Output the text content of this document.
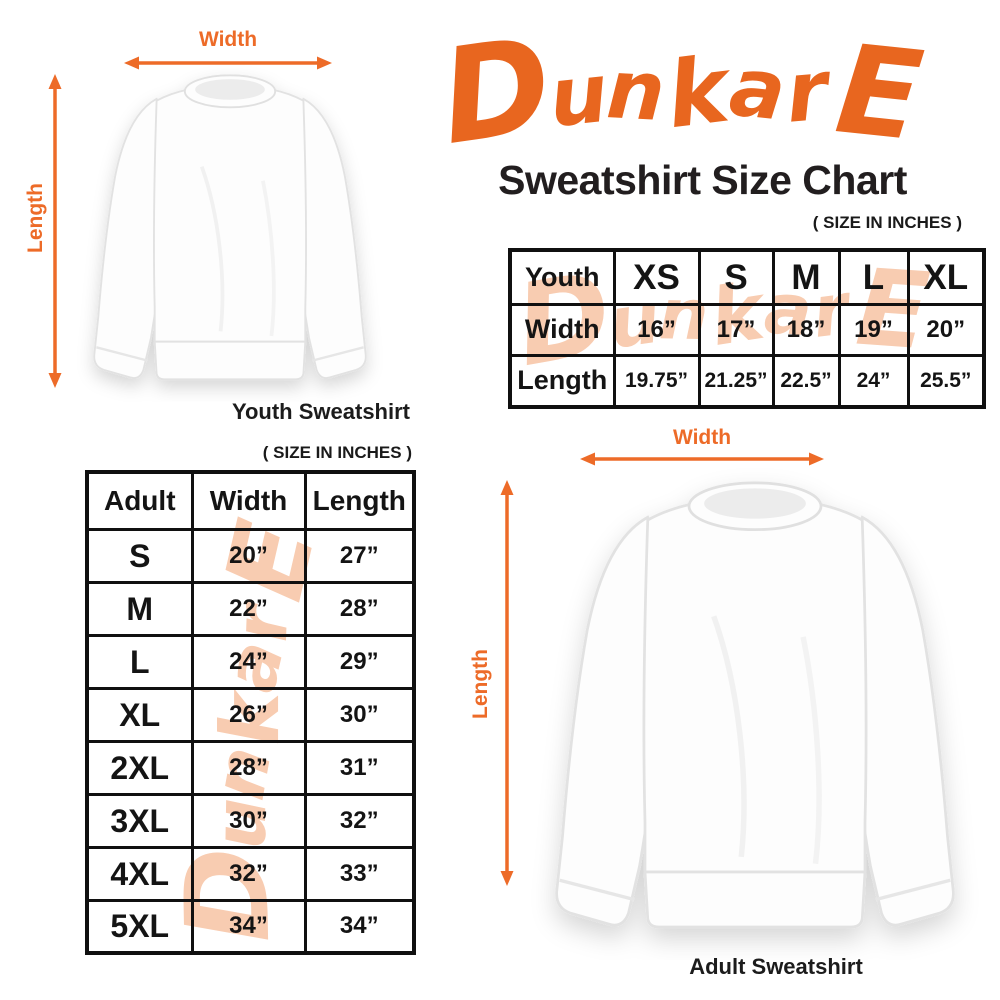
Width
Length
Youth Sweatshirt
Sweatshirt Size Chart
( SIZE IN INCHES )
Youth	XS	S	M	L	XL
Width	16”	17”	18”	19”	20”
Length	19.75”	21.25”	22.5”	24”	25.5”
( SIZE IN INCHES )
Adult	Width	Length
S	20”	27”
M	22”	28”
L	24”	29”
XL	26”	30”
2XL	28”	31”
3XL	30”	32”
4XL	32”	33”
5XL	34”	34”
Width
Length
Adult Sweatshirt
